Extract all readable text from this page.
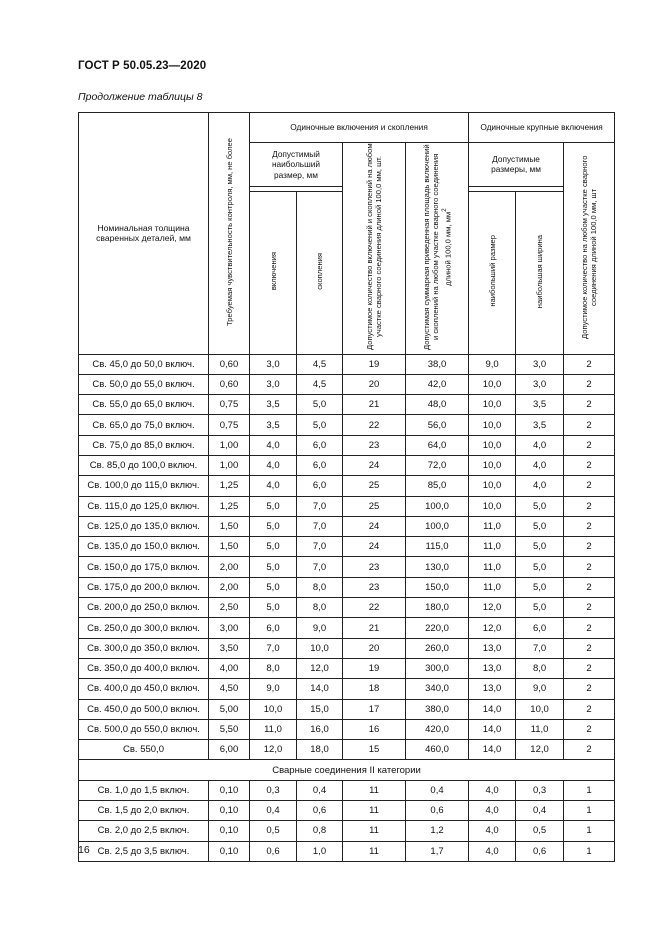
ГОСТ Р 50.05.23—2020
Продолжение таблицы 8
Номинальная толщина сваренных деталей, мм	Требуемая чувствительность контроля, мм, не более	Одиночные включения и скопления				Одиночные крупные включения		
		Допустимый наибольший размер, мм		Допустимое количество включений и скоплений на любом участке сварного соединения длиной 100,0 мм, шт.	Допустимая суммарная приведенная площадь включений и скоплений на любом участке сварного соединения длиной 100,0 мм, $мм^2$	Допустимые размеры, мм		Допустимое количество на любом участке сварного соединения длиной 100,0 мм, шт

		включения	скопления			наибольший размер	наибольшая ширина	
Св. 45,0 до 50,0 включ.	0,60	3,0	4,5	19	38,0	9,0	3,0	2
Св. 50,0 до 55,0 включ.	0,60	3,0	4,5	20	42,0	10,0	3,0	2
Св. 55,0 до 65,0 включ.	0,75	3,5	5,0	21	48,0	10,0	3,5	2
Св. 65,0 до 75,0 включ.	0,75	3,5	5,0	22	56,0	10,0	3,5	2
Св. 75,0 до 85,0 включ.	1,00	4,0	6,0	23	64,0	10,0	4,0	2
Св. 85,0 до 100,0 включ.	1,00	4,0	6,0	24	72,0	10,0	4,0	2
Св. 100,0 до 115,0 включ.	1,25	4,0	6,0	25	85,0	10,0	4,0	2
Св. 115,0 до 125,0 включ.	1,25	5,0	7,0	25	100,0	10,0	5,0	2
Св. 125,0 до 135,0 включ.	1,50	5,0	7,0	24	100,0	11,0	5,0	2
Св. 135,0 до 150,0 включ.	1,50	5,0	7,0	24	115,0	11,0	5,0	2
Св. 150,0 до 175,0 включ.	2,00	5,0	7,0	23	130,0	11,0	5,0	2
Св. 175,0 до 200,0 включ.	2,00	5,0	8,0	23	150,0	11,0	5,0	2
Св. 200,0 до 250,0 включ.	2,50	5,0	8,0	22	180,0	12,0	5,0	2
Св. 250,0 до 300,0 включ.	3,00	6,0	9,0	21	220,0	12,0	6,0	2
Св. 300,0 до 350,0 включ.	3,50	7,0	10,0	20	260,0	13,0	7,0	2
Св. 350,0 до 400,0 включ.	4,00	8,0	12,0	19	300,0	13,0	8,0	2
Св. 400,0 до 450,0 включ.	4,50	9,0	14,0	18	340,0	13,0	9,0	2
Св. 450,0 до 500,0 включ.	5,00	10,0	15,0	17	380,0	14,0	10,0	2
Св. 500,0 до 550,0 включ.	5,50	11,0	16,0	16	420,0	14,0	11,0	2
Св. 550,0	6,00	12,0	18,0	15	460,0	14,0	12,0	2
Сварные соединения II категории								
Св. 1,0 до 1,5 включ.	0,10	0,3	0,4	11	0,4	4,0	0,3	1
Св. 1,5 до 2,0 включ.	0,10	0,4	0,6	11	0,6	4,0	0,4	1
Св. 2,0 до 2,5 включ.	0,10	0,5	0,8	11	1,2	4,0	0,5	1
Св. 2,5 до 3,5 включ.	0,10	0,6	1,0	11	1,7	4,0	0,6	1
16
